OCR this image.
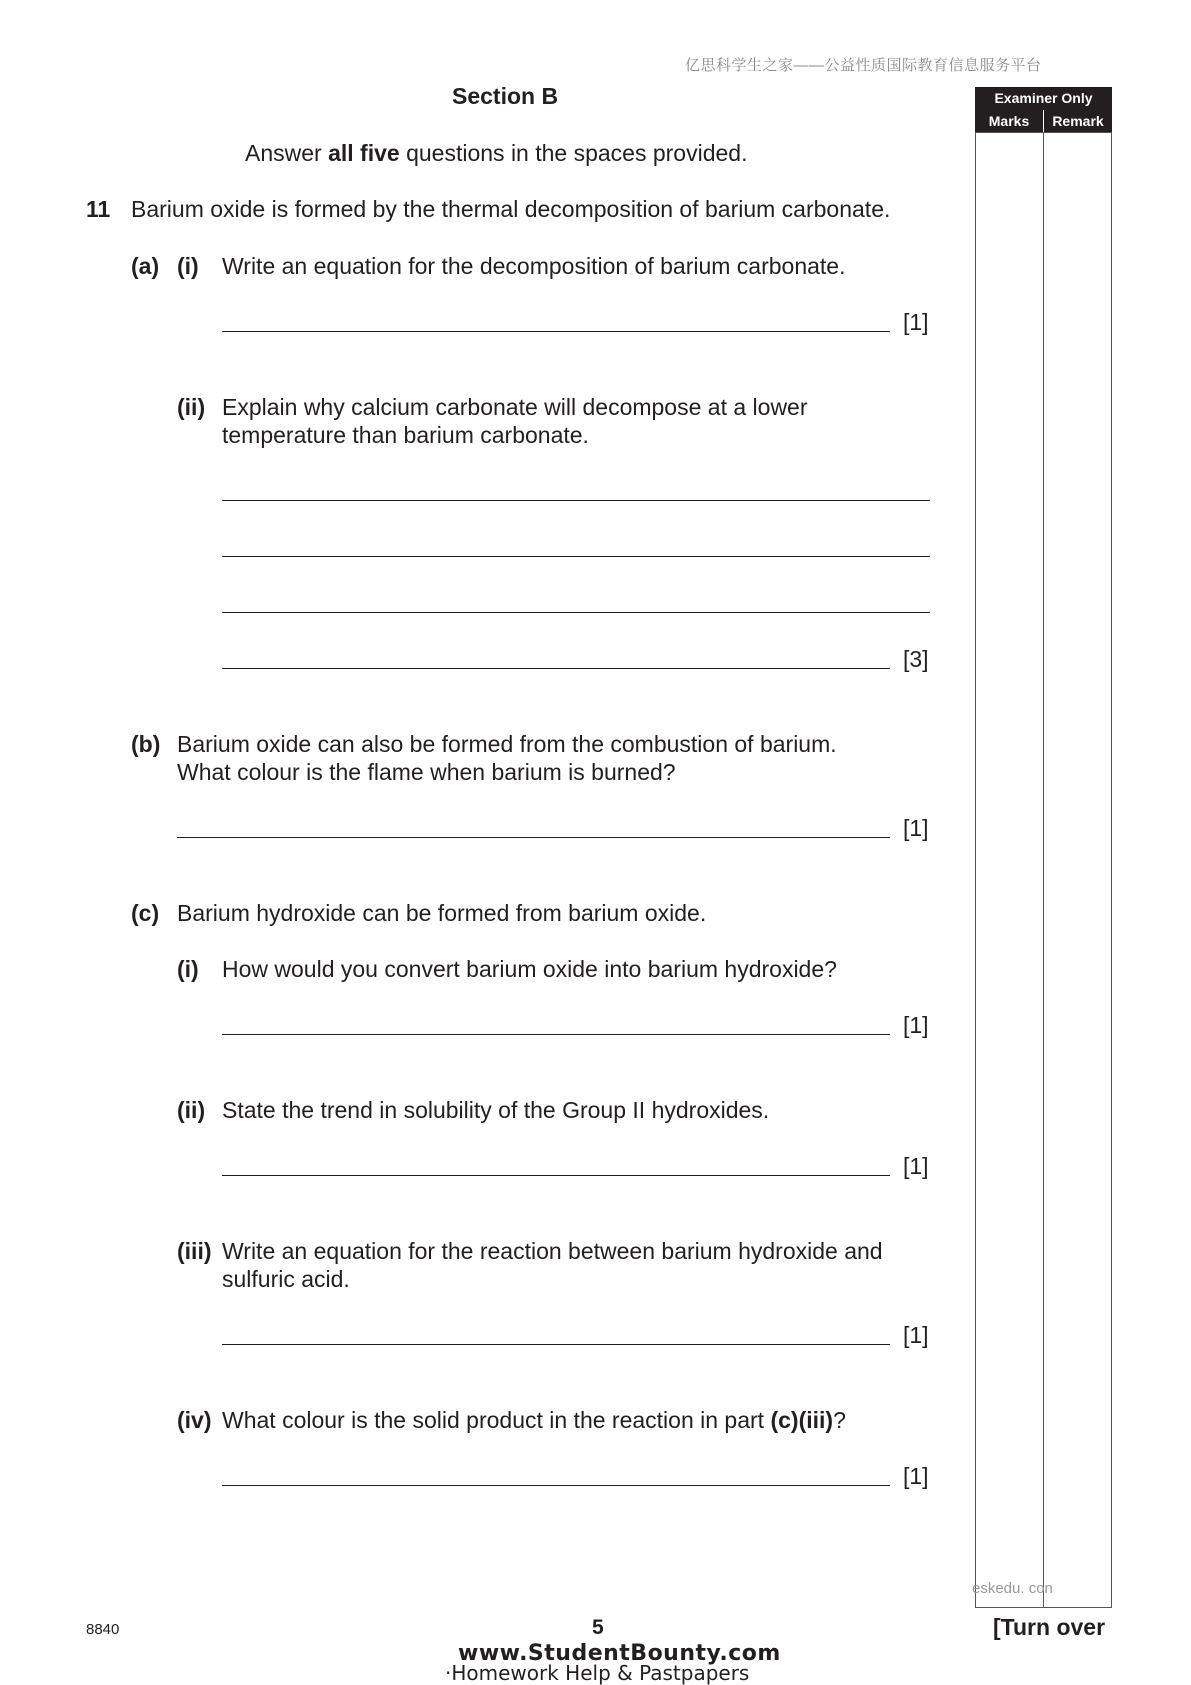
亿思科学生之家——公益性质国际教育信息服务平台
Section B	Examiner Only
Marks	Remark
Answer all five questions in the spaces provided.
11 Barium oxide is formed by the thermal decomposition of barium carbonate.
(a) (i) Write an equation for the decomposition of barium carbonate.
[1]
(ii) Explain why calcium carbonate will decompose at a lower
temperature than barium carbonate.
[3]
(b) Barium oxide can also be formed from the combustion of barium.
What colour is the flame when barium is burned?
[1]
(c) Barium hydroxide can be formed from barium oxide.
(i) How would you convert barium oxide into barium hydroxide?
[1]
(ii) State the trend in solubility of the Group II hydroxides.
[1]
(iii) Write an equation for the reaction between barium hydroxide and
sulfuric acid.
[1]
(iv) What colour is the solid product in the reaction in part (c)(iii)?
[1]
eskedu. con
8840	5	[Turn over
www.StudentBounty.com
·Homework Help & Pastpapers
